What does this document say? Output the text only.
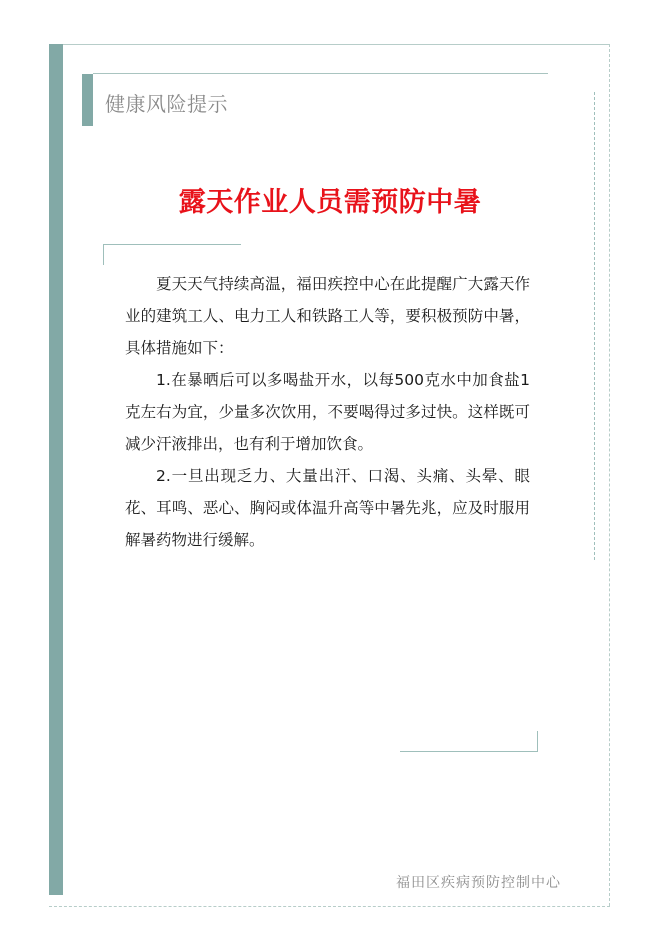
健康风险提示
露天作业人员需预防中暑

夏天天气持续高温，福田疾控中心在此提醒广大露天作业的建筑工人、电力工人和铁路工人等，要积极预防中暑，具体措施如下：

1.在暴晒后可以多喝盐开水，以每500克水中加食盐1克左右为宜，少量多次饮用，不要喝得过多过快。这样既可减少汗液排出，也有利于增加饮食。

2.一旦出现乏力、大量出汗、口渴、头痛、头晕、眼花、耳鸣、恶心、胸闷或体温升高等中暑先兆，应及时服用解暑药物进行缓解。

福田区疾病预防控制中心
